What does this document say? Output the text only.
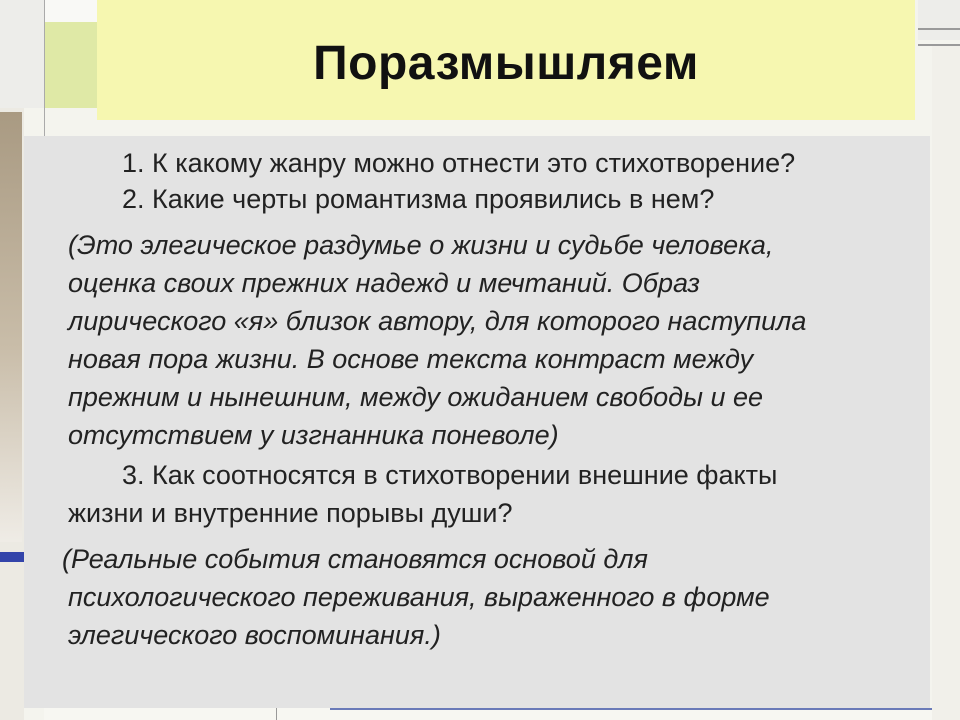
Поразмышляем

1. К какому жанру можно отнести это стихотворение?

2. Какие черты романтизма проявились в нем?

(Это элегическое раздумье о жизни и судьбе человека,

оценка своих прежних надежд и мечтаний. Образ

лирического «я» близок автору, для которого наступила

новая пора жизни. В основе текста контраст между

прежним и нынешним, между ожиданием свободы и ее

отсутствием у изгнанника поневоле)

3. Как соотносятся в стихотворении внешние факты

жизни и внутренние порывы души?

(Реальные события становятся основой для

психологического переживания, выраженного в форме

элегического воспоминания.)
